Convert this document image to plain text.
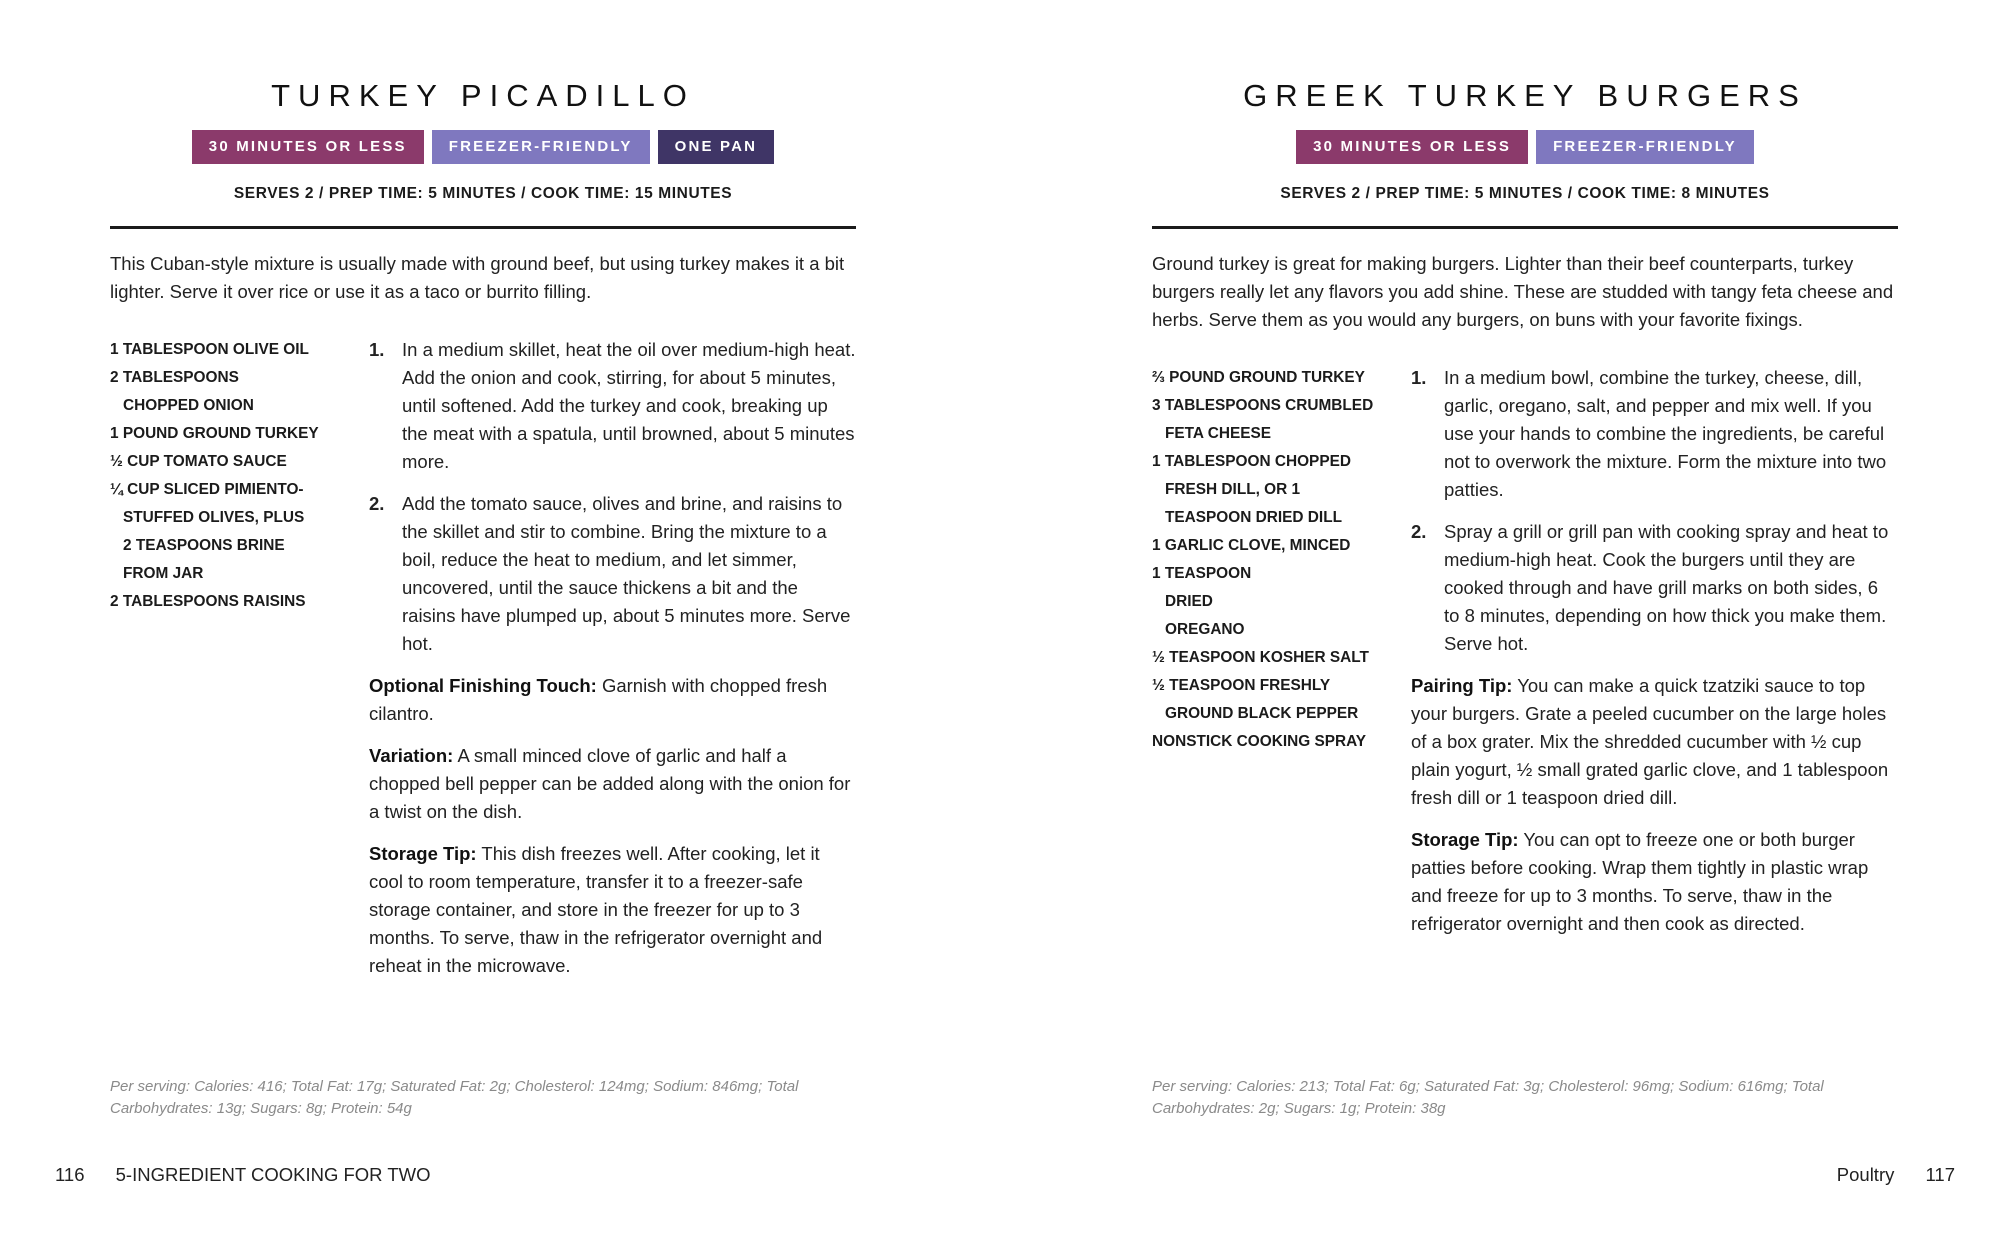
TURKEY PICADILLO
30 MINUTES OR LESS	FREEZER-FRIENDLY	ONE PAN
SERVES 2 / PREP TIME: 5 MINUTES / COOK TIME: 15 MINUTES

This Cuban-style mixture is usually made with ground beef, but using turkey makes it a bit lighter. Serve it over rice or use it as a taco or burrito filling.

1 TABLESPOON OLIVE OIL
2 TABLESPOONS CHOPPED ONION
1 POUND GROUND TURKEY
½ CUP TOMATO SAUCE
¼ CUP SLICED PIMIENTO-STUFFED OLIVES, PLUS 2 TEASPOONS BRINE FROM JAR
2 TABLESPOONS RAISINS
1. In a medium skillet, heat the oil over medium-high heat. Add the onion and cook, stirring, for about 5 minutes, until softened. Add the turkey and cook, breaking up the meat with a spatula, until browned, about 5 minutes more.
2. Add the tomato sauce, olives and brine, and raisins to the skillet and stir to combine. Bring the mixture to a boil, reduce the heat to medium, and let simmer, uncovered, until the sauce thickens a bit and the raisins have plumped up, about 5 minutes more. Serve hot.

Optional Finishing Touch: Garnish with chopped fresh cilantro.

Variation: A small minced clove of garlic and half a chopped bell pepper can be added along with the onion for a twist on the dish.

Storage Tip: This dish freezes well. After cooking, let it cool to room temperature, transfer it to a freezer-safe storage container, and store in the freezer for up to 3 months. To serve, thaw in the refrigerator overnight and reheat in the microwave.

Per serving: Calories: 416; Total Fat: 17g; Saturated Fat: 2g; Cholesterol: 124mg; Sodium: 846mg; Total Carbohydrates: 13g; Sugars: 8g; Protein: 54g

116 5-INGREDIENT COOKING FOR TWO
GREEK TURKEY BURGERS
30 MINUTES OR LESS	FREEZER-FRIENDLY
SERVES 2 / PREP TIME: 5 MINUTES / COOK TIME: 8 MINUTES

Ground turkey is great for making burgers. Lighter than their beef counterparts, turkey burgers really let any flavors you add shine. These are studded with tangy feta cheese and herbs. Serve them as you would any burgers, on buns with your favorite fixings.

⅔ POUND GROUND TURKEY
3 TABLESPOONS CRUMBLED FETA CHEESE
1 TABLESPOON CHOPPED FRESH DILL, OR 1 TEASPOON DRIED DILL
1 GARLIC CLOVE, MINCED
1 TEASPOON DRIED OREGANO
½ TEASPOON KOSHER SALT
½ TEASPOON FRESHLY GROUND BLACK PEPPER
NONSTICK COOKING SPRAY
1. In a medium bowl, combine the turkey, cheese, dill, garlic, oregano, salt, and pepper and mix well. If you use your hands to combine the ingredients, be careful not to overwork the mixture. Form the mixture into two patties.
2. Spray a grill or grill pan with cooking spray and heat to medium-high heat. Cook the burgers until they are cooked through and have grill marks on both sides, 6 to 8 minutes, depending on how thick you make them. Serve hot.

Pairing Tip: You can make a quick tzatziki sauce to top your burgers. Grate a peeled cucumber on the large holes of a box grater. Mix the shredded cucumber with ½ cup plain yogurt, ½ small grated garlic clove, and 1 tablespoon fresh dill or 1 teaspoon dried dill.

Storage Tip: You can opt to freeze one or both burger patties before cooking. Wrap them tightly in plastic wrap and freeze for up to 3 months. To serve, thaw in the refrigerator overnight and then cook as directed.

Per serving: Calories: 213; Total Fat: 6g; Saturated Fat: 3g; Cholesterol: 96mg; Sodium: 616mg; Total Carbohydrates: 2g; Sugars: 1g; Protein: 38g

Poultry 117
